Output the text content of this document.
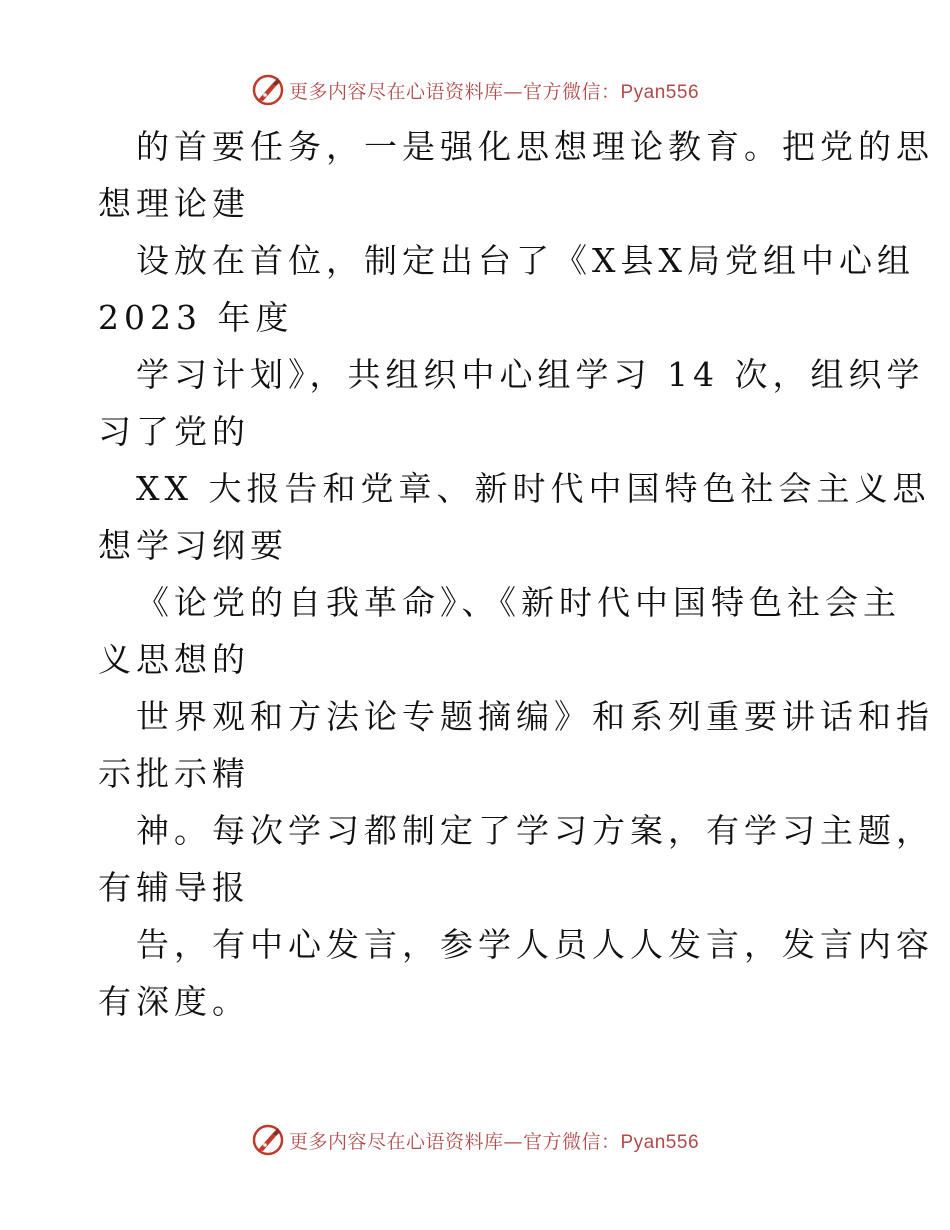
更多内容尽在心语资料库—官方微信：Pyan556
的首要任务，一是强化思想理论教育。把党的思
想理论建
设放在首位，制定出台了《X县X局党组中心组
2023 年度
学习计划》，共组织中心组学习 14 次，组织学
习了党的
XX 大报告和党章、新时代中国特色社会主义思
想学习纲要
《论党的自我革命》、《新时代中国特色社会主
义思想的
世界观和方法论专题摘编》和系列重要讲话和指
示批示精
神。每次学习都制定了学习方案，有学习主题，
有辅导报
告，有中心发言，参学人员人人发言，发言内容
有深度。
更多内容尽在心语资料库—官方微信：Pyan556
